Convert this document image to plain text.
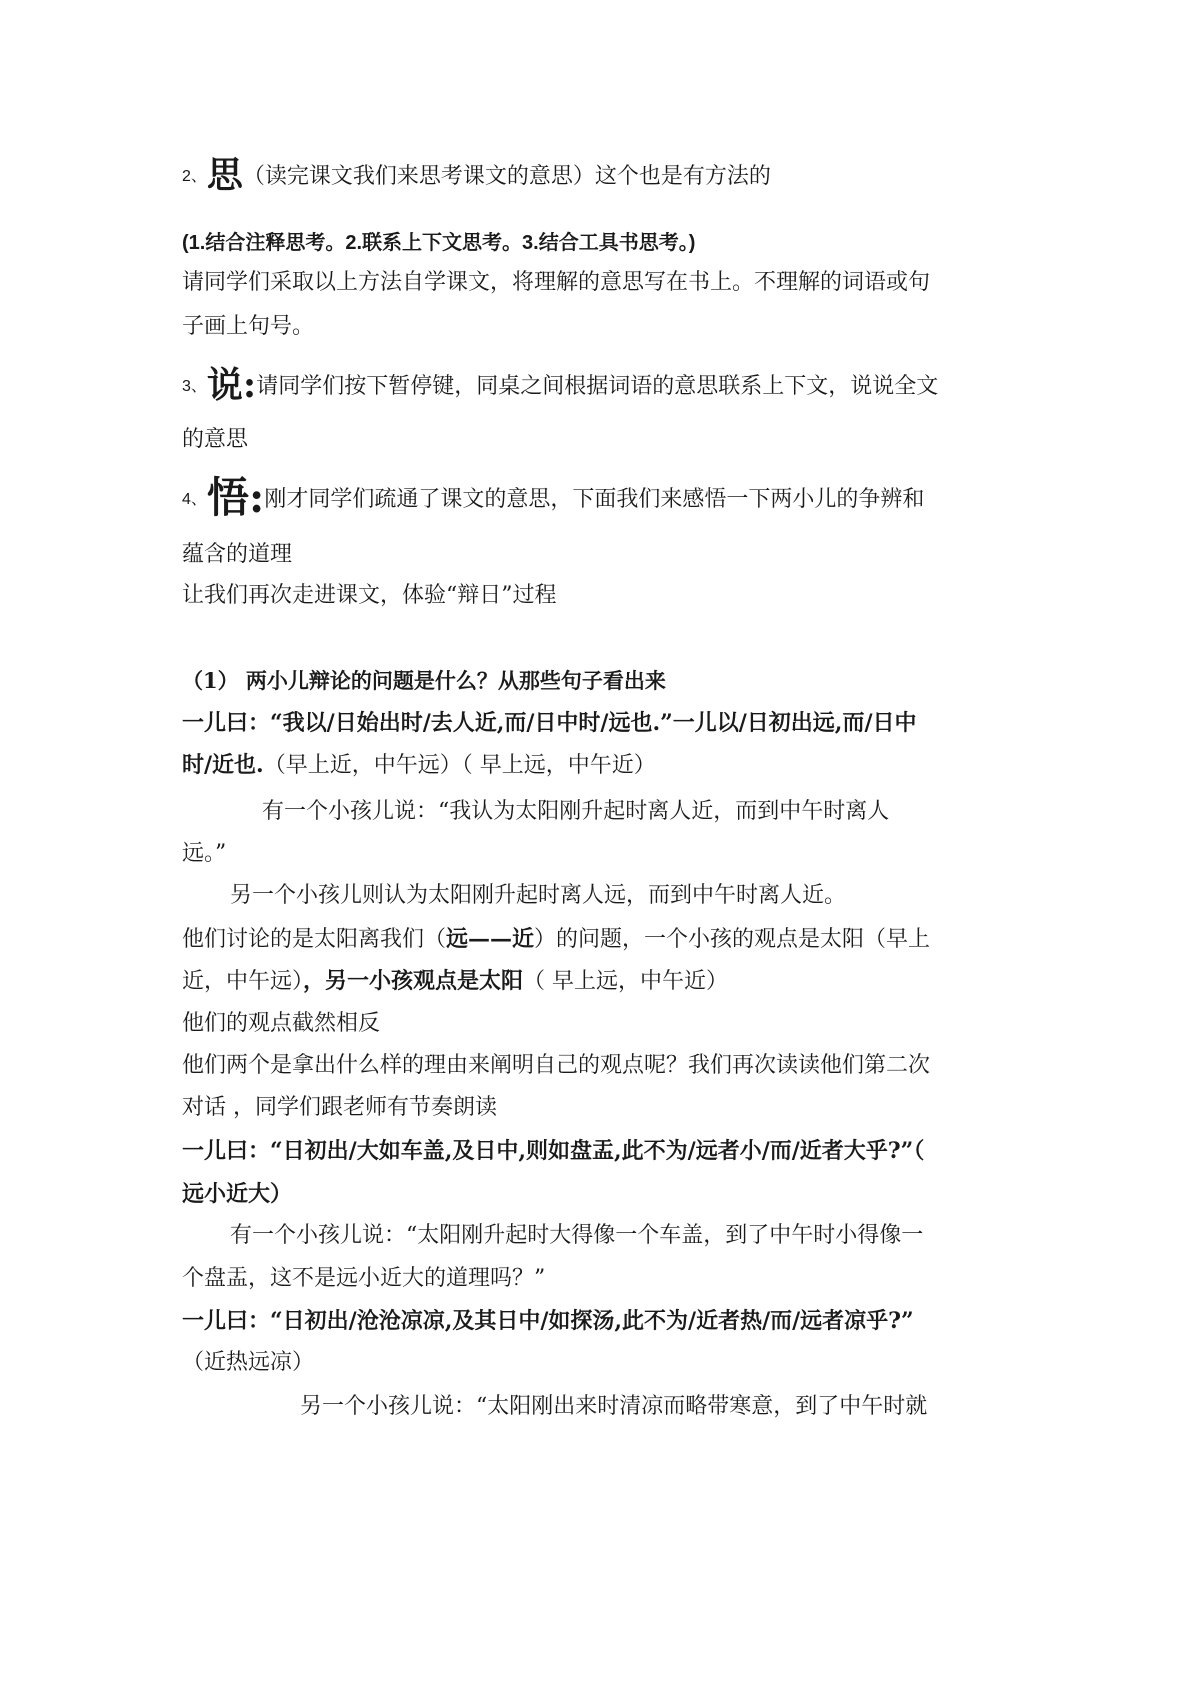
2、思（读完课文我们来思考课文的意思）这个也是有方法的
(1.结合注释思考。2.联系上下文思考。3.结合工具书思考。)
请同学们采取以上方法自学课文，将理解的意思写在书上。不理解的词语或句
子画上句号。
3、说:请同学们按下暂停键，同桌之间根据词语的意思联系上下文，说说全文
的意思
4、悟:刚才同学们疏通了课文的意思，下面我们来感悟一下两小儿的争辨和
蕴含的道理
让我们再次走进课文，体验“辩日”过程
（1） 两小儿辩论的问题是什么？从那些句子看出来
一儿曰：“我以/日始出时/去人近,而/日中时/远也.”一儿以/日初出远,而/日中
时/近也.（早上近，中午远）（ 早上远，中午近）
有一个小孩儿说：“我认为太阳刚升起时离人近，而到中午时离人
远。”
另一个小孩儿则认为太阳刚升起时离人远，而到中午时离人近。
他们讨论的是太阳离我们（远——近）的问题，一个小孩的观点是太阳（早上
近，中午远），另一小孩观点是太阳（ 早上远，中午近）
他们的观点截然相反
他们两个是拿出什么样的理由来阐明自己的观点呢？我们再次读读他们第二次
对话 ，同学们跟老师有节奏朗读
一儿曰：“日初出/大如车盖,及日中,则如盘盂,此不为/远者小/而/近者大乎?”（
远小近大）
有一个小孩儿说：“太阳刚升起时大得像一个车盖，到了中午时小得像一
个盘盂，这不是远小近大的道理吗？”
一儿曰：“日初出/沧沧凉凉,及其日中/如探汤,此不为/近者热/而/远者凉乎?”
（近热远凉）
另一个小孩儿说：“太阳刚出来时清凉而略带寒意，到了中午时就
